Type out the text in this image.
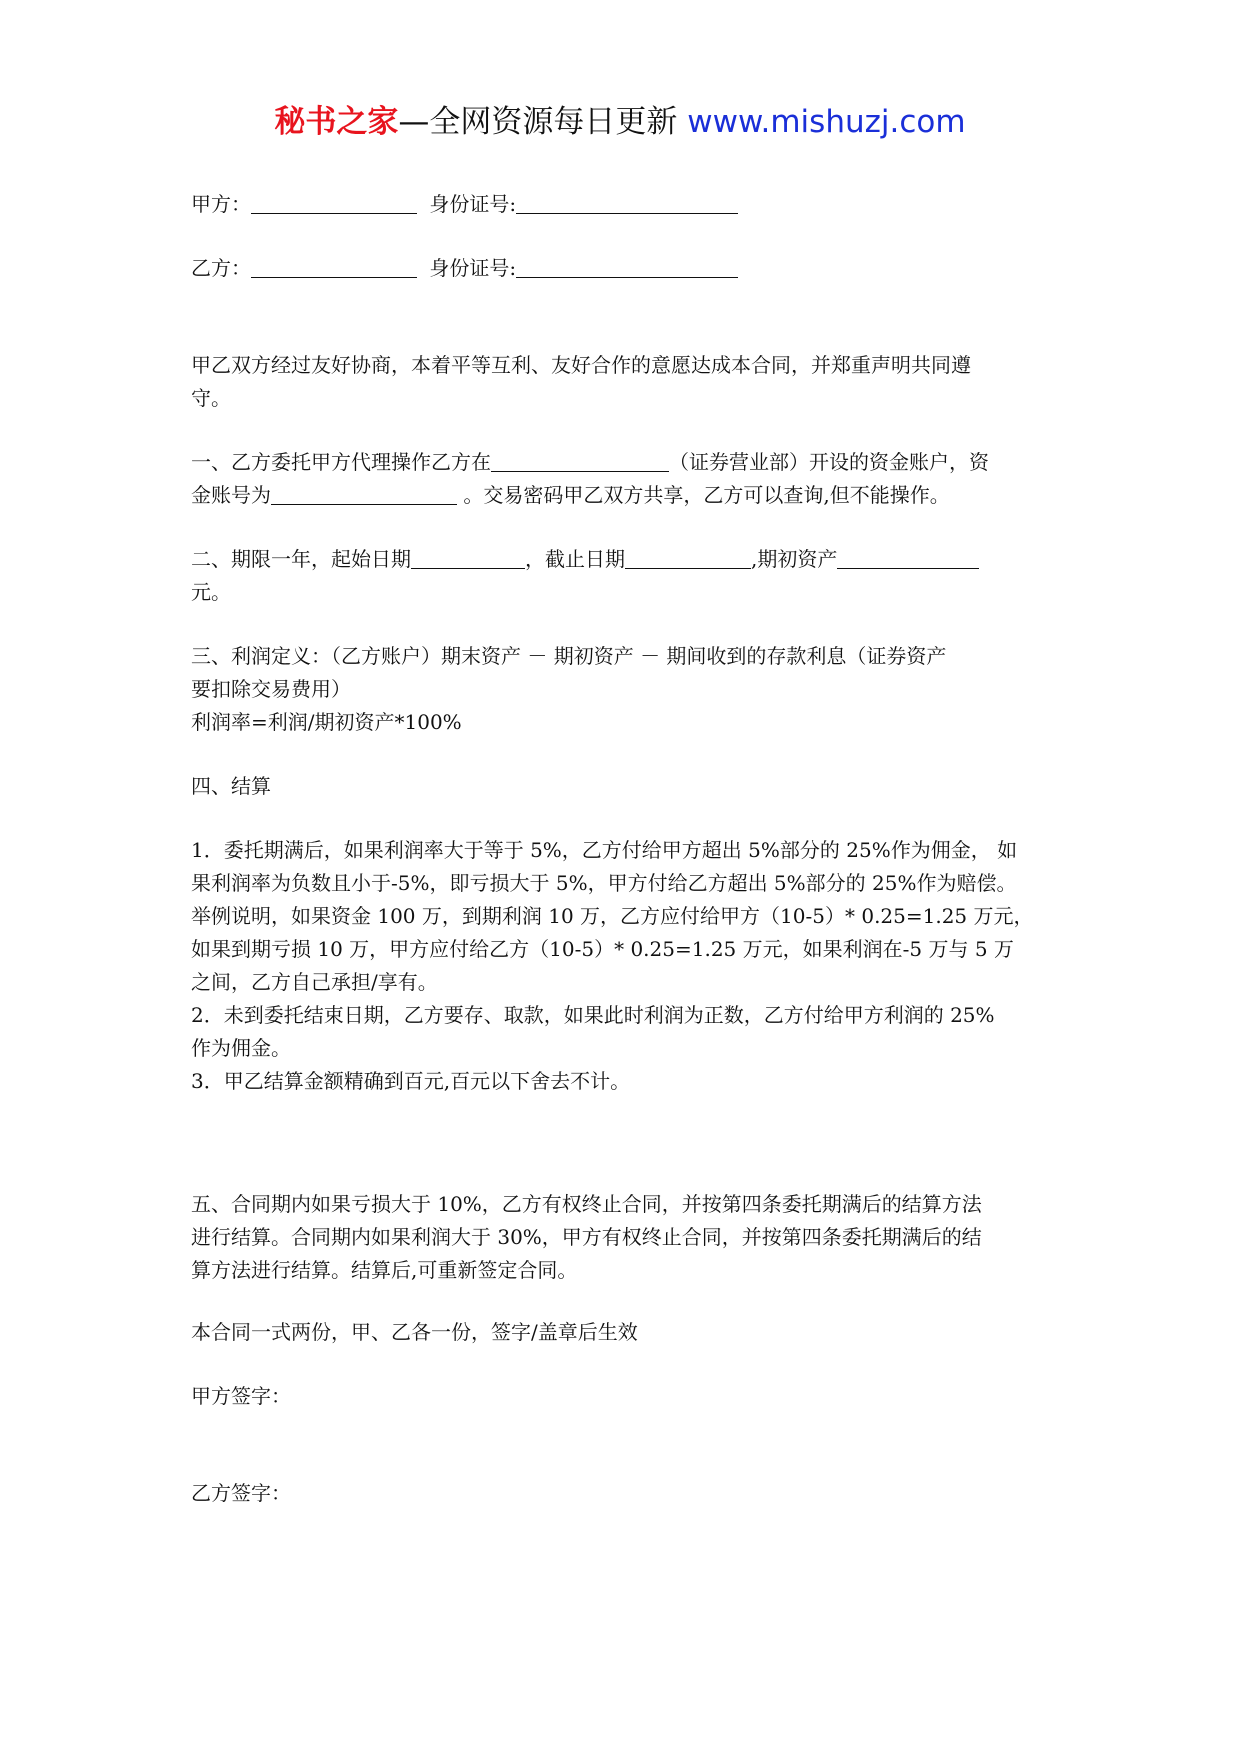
秘书之家—全网资源每日更新 www.mishuzj.com
甲方：	身份证号:
乙方：	身份证号:
甲乙双方经过友好协商，本着平等互利、友好合作的意愿达成本合同，并郑重声明共同遵
守。
一、乙方委托甲方代理操作乙方在	（证券营业部）开设的资金账户，资
金账号为	。交易密码甲乙双方共享，乙方可以查询,但不能操作。
二、期限一年，起始日期	，截止日期	,期初资产
元。
三、利润定义：（乙方账户）期末资产 － 期初资产 － 期间收到的存款利息（证券资产
要扣除交易费用）
利润率=利润/期初资产*100%
四、结算
1．委托期满后，如果利润率大于等于 5%，乙方付给甲方超出 5%部分的 25%作为佣金， 如
果利润率为负数且小于-5%，即亏损大于 5%，甲方付给乙方超出 5%部分的 25%作为赔偿。
举例说明，如果资金 100 万，到期利润 10 万，乙方应付给甲方（10-5）* 0.25=1.25 万元，
如果到期亏损 10 万，甲方应付给乙方（10-5）* 0.25=1.25 万元，如果利润在-5 万与 5 万
之间，乙方自己承担/享有。
2．未到委托结束日期，乙方要存、取款，如果此时利润为正数，乙方付给甲方利润的 25%
作为佣金。
3．甲乙结算金额精确到百元,百元以下舍去不计。
五、合同期内如果亏损大于 10%，乙方有权终止合同，并按第四条委托期满后的结算方法
进行结算。合同期内如果利润大于 30%，甲方有权终止合同，并按第四条委托期满后的结
算方法进行结算。结算后,可重新签定合同。
本合同一式两份，甲、乙各一份，签字/盖章后生效
甲方签字：
乙方签字：
